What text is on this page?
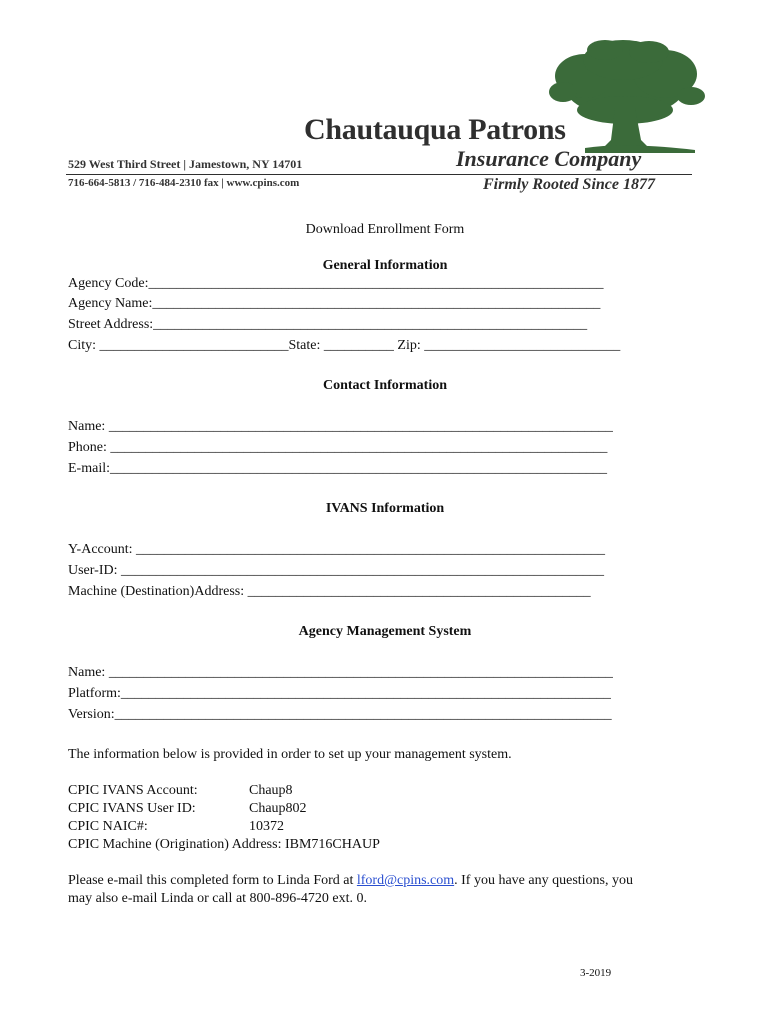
Chautauqua Patrons
Insurance Company
529 West Third Street | Jamestown, NY 14701
716-664-5813 / 716-484-2310 fax | www.cpins.com	Firmly Rooted Since 1877
Download Enrollment Form
General Information
Agency Code:_________________________________________________________________
Agency Name:________________________________________________________________
Street Address:______________________________________________________________
City: ___________________________State: __________ Zip: ____________________________
Contact Information
Name: ________________________________________________________________________
Phone: _______________________________________________________________________
E-mail:_______________________________________________________________________
IVANS Information
Y-Account: ___________________________________________________________________
User-ID: _____________________________________________________________________
Machine (Destination)Address: _________________________________________________
Agency Management System
Name: ________________________________________________________________________
Platform:______________________________________________________________________
Version:_______________________________________________________________________
The information below is provided in order to set up your management system.
CPIC IVANS Account:	Chaup8
CPIC IVANS User ID:	Chaup802
CPIC NAIC#:	10372
CPIC Machine (Origination) Address: IBM716CHAUP
Please e-mail this completed form to Linda Ford at lford@cpins.com. If you have any questions, you
may also e-mail Linda or call at 800-896-4720 ext. 0.
3-2019
